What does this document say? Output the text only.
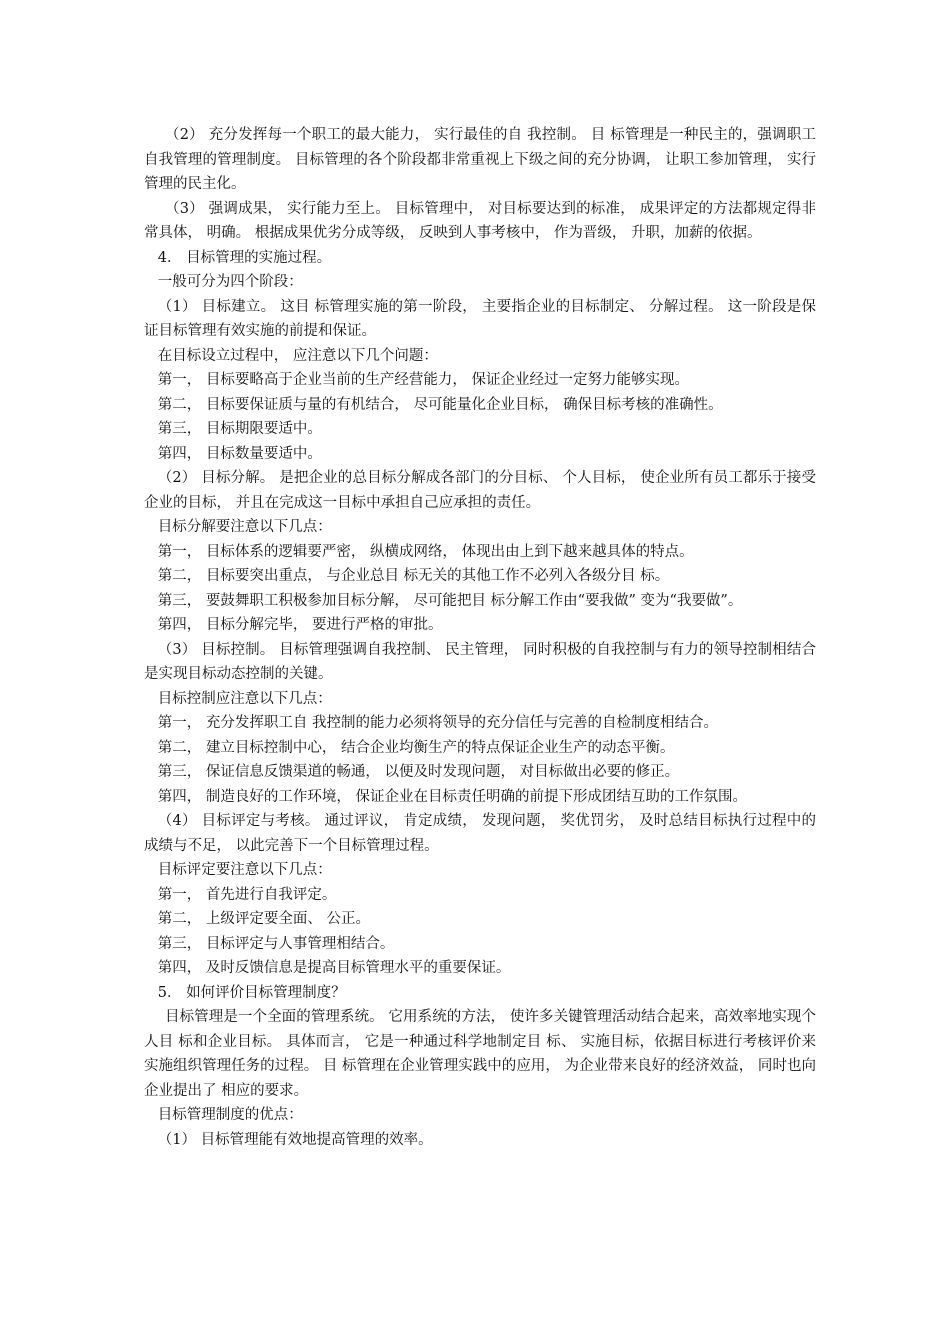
（2） 充分发挥每一个职工的最大能力， 实行最佳的自 我控制。 目 标管理是一种民主的，强调职工自我管理的管理制度。 目标管理的各个阶段都非常重视上下级之间的充分协调， 让职工参加管理， 实行管理的民主化。

（3） 强调成果， 实行能力至上。 目标管理中， 对目标要达到的标准， 成果评定的方法都规定得非常具体， 明确。 根据成果优劣分成等级， 反映到人事考核中， 作为晋级， 升职，加薪的依据。

4． 目标管理的实施过程。

一般可分为四个阶段：

（1） 目标建立。 这目 标管理实施的第一阶段， 主要指企业的目标制定、 分解过程。 这一阶段是保证目标管理有效实施的前提和保证。

在目标设立过程中， 应注意以下几个问题：

第一， 目标要略高于企业当前的生产经营能力， 保证企业经过一定努力能够实现。

第二， 目标要保证质与量的有机结合， 尽可能量化企业目标， 确保目标考核的准确性。

第三， 目标期限要适中。

第四， 目标数量要适中。

（2） 目标分解。 是把企业的总目标分解成各部门的分目标、 个人目标， 使企业所有员工都乐于接受企业的目标， 并且在完成这一目标中承担自己应承担的责任。

目标分解要注意以下几点：

第一， 目标体系的逻辑要严密， 纵横成网络， 体现出由上到下越来越具体的特点。

第二， 目标要突出重点， 与企业总目 标无关的其他工作不必列入各级分目 标。

第三， 要鼓舞职工积极参加目标分解， 尽可能把目 标分解工作由“要我做” 变为“我要做”。

第四， 目标分解完毕， 要进行严格的审批。

（3） 目标控制。 目标管理强调自我控制、 民主管理， 同时积极的自我控制与有力的领导控制相结合是实现目标动态控制的关键。

目标控制应注意以下几点：

第一， 充分发挥职工自 我控制的能力必须将领导的充分信任与完善的自检制度相结合。

第二， 建立目标控制中心， 结合企业均衡生产的特点保证企业生产的动态平衡。

第三， 保证信息反馈渠道的畅通， 以便及时发现问题， 对目标做出必要的修正。

第四， 制造良好的工作环境， 保证企业在目标责任明确的前提下形成团结互助的工作氛围。

（4） 目标评定与考核。 通过评议， 肯定成绩， 发现问题， 奖优罚劣， 及时总结目标执行过程中的成绩与不足， 以此完善下一个目标管理过程。

目标评定要注意以下几点：

第一， 首先进行自我评定。

第二， 上级评定要全面、 公正。

第三， 目标评定与人事管理相结合。

第四， 及时反馈信息是提高目标管理水平的重要保证。

5． 如何评价目标管理制度？

目标管理是一个全面的管理系统。 它用系统的方法， 使许多关键管理活动结合起来，高效率地实现个人目 标和企业目标。 具体而言， 它是一种通过科学地制定目 标、 实施目标，依据目标进行考核评价来实施组织管理任务的过程。 目 标管理在企业管理实践中的应用， 为企业带来良好的经济效益， 同时也向企业提出了 相应的要求。

目标管理制度的优点：

（1） 目标管理能有效地提高管理的效率。
